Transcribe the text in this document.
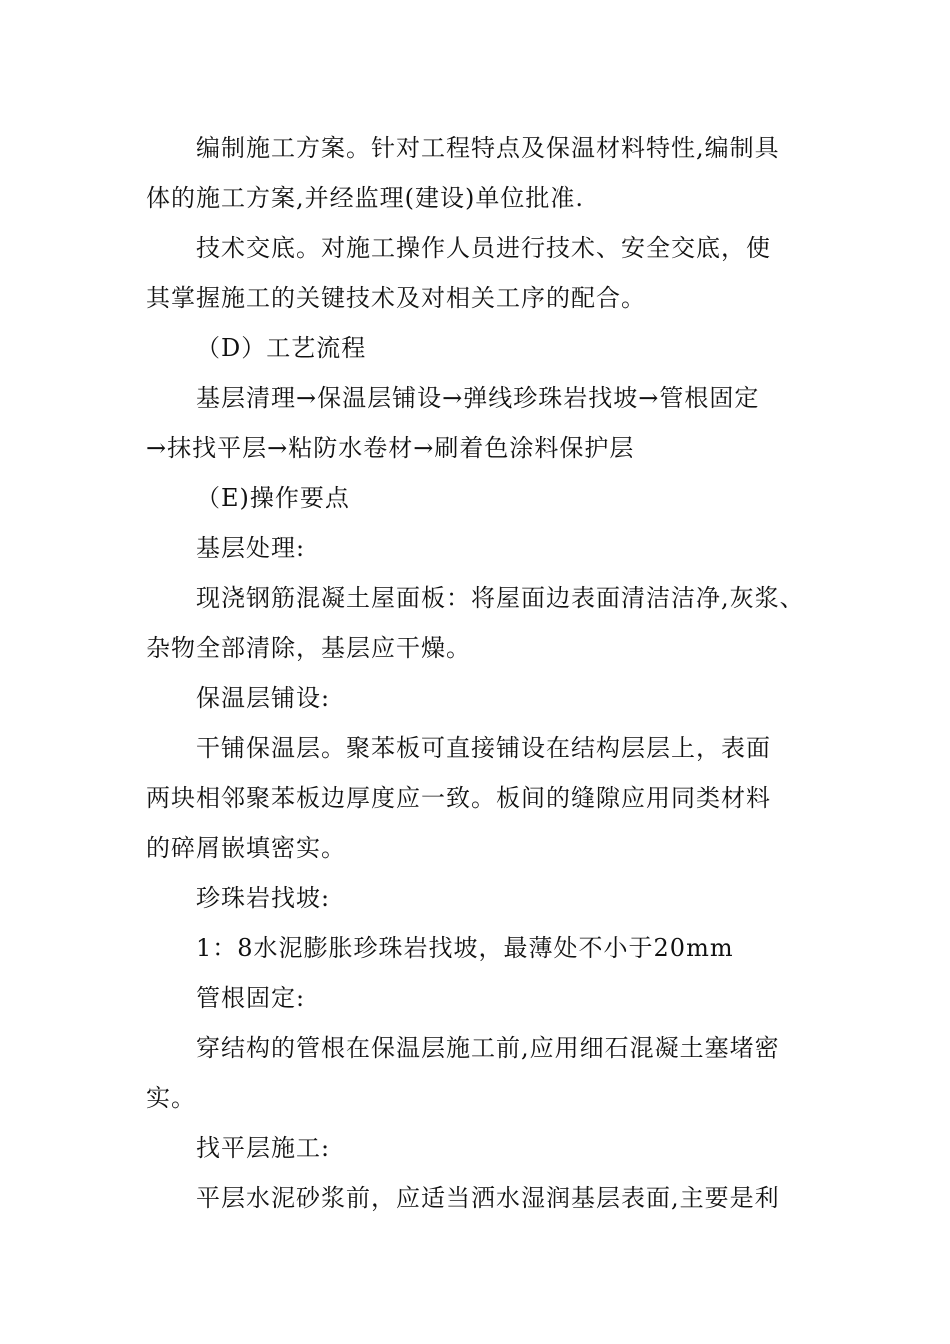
编制施工方案。针对工程特点及保温材料特性,编制具
体的施工方案,并经监理(建设)单位批准.
技术交底。对施工操作人员进行技术、安全交底，使
其掌握施工的关键技术及对相关工序的配合。
（D）工艺流程
基层清理→保温层铺设→弹线珍珠岩找坡→管根固定
→抹找平层→粘防水卷材→刷着色涂料保护层
（E)操作要点
基层处理:
现浇钢筋混凝土屋面板：将屋面边表面清洁洁净,灰浆、
杂物全部清除，基层应干燥。
保温层铺设:
干铺保温层。聚苯板可直接铺设在结构层层上，表面
两块相邻聚苯板边厚度应一致。板间的缝隙应用同类材料
的碎屑嵌填密实。
珍珠岩找坡:
1：8水泥膨胀珍珠岩找坡，最薄处不小于20mm
管根固定:
穿结构的管根在保温层施工前,应用细石混凝土塞堵密
实。
找平层施工:
平层水泥砂浆前，应适当洒水湿润基层表面,主要是利
